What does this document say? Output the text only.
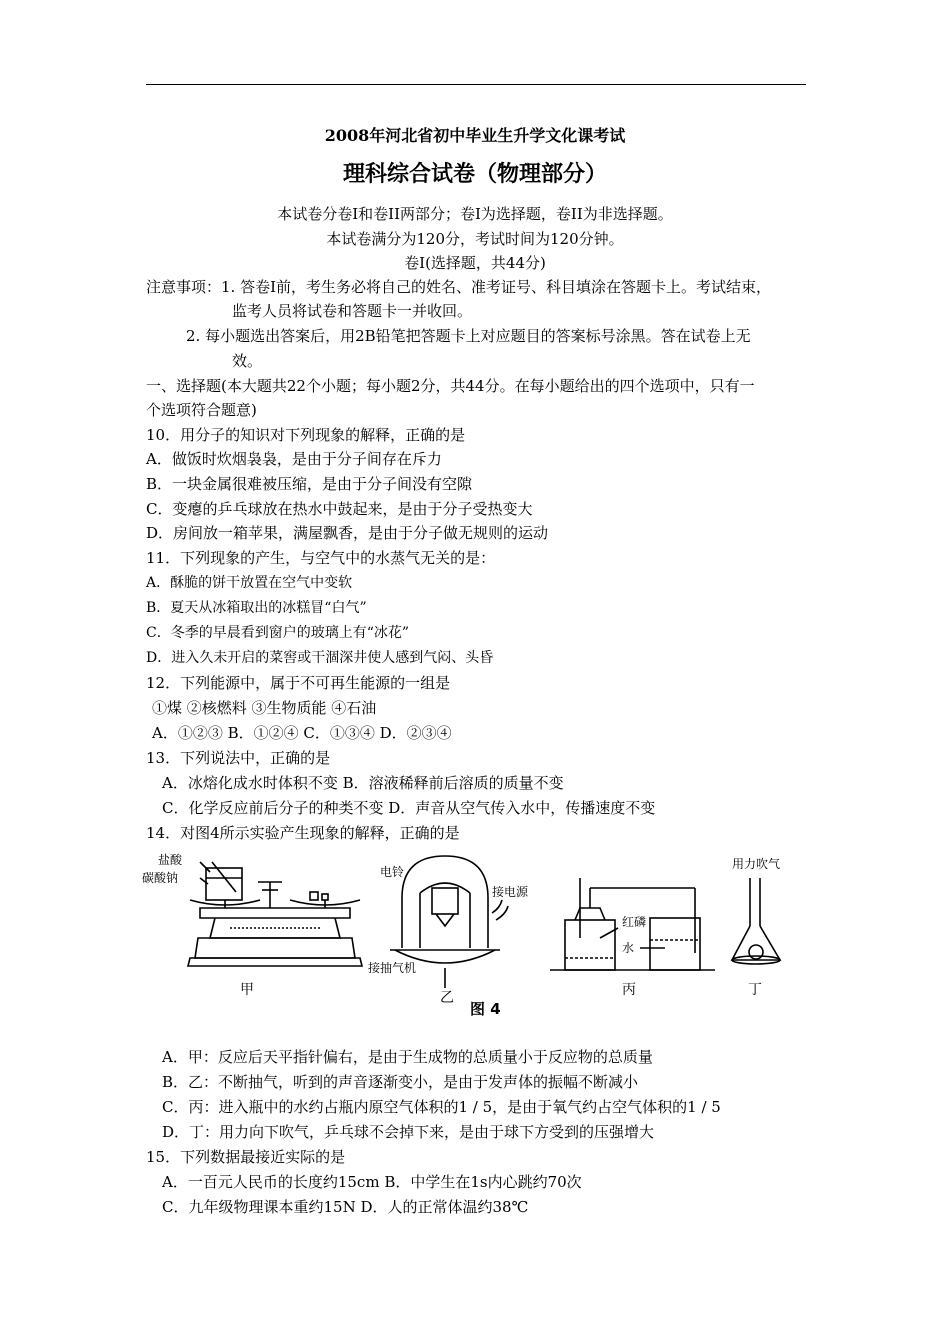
2008年河北省初中毕业生升学文化课考试
理科综合试卷（物理部分）
本试卷分卷I和卷II两部分；卷I为选择题，卷II为非选择题。
本试卷满分为120分，考试时间为120分钟。
卷I(选择题，共44分)
注意事项：1. 答卷I前，考生务必将自己的姓名、准考证号、科目填涂在答题卡上。考试结束，
监考人员将试卷和答题卡一并收回。
2. 每小题选出答案后，用2B铅笔把答题卡上对应题目的答案标号涂黑。答在试卷上无
效。
一、选择题(本大题共22个小题；每小题2分，共44分。在每小题给出的四个选项中，只有一
个选项符合题意)
10．用分子的知识对下列现象的解释，正确的是
A．做饭时炊烟袅袅，是由于分子间存在斥力
B．一块金属很难被压缩，是由于分子间没有空隙
C．变瘪的乒乓球放在热水中鼓起来，是由于分子受热变大
D．房间放一箱苹果，满屋飘香，是由于分子做无规则的运动
11．下列现象的产生，与空气中的水蒸气无关的是：
A．酥脆的饼干放置在空气中变软
B．夏天从冰箱取出的冰糕冒“白气”
C．冬季的早晨看到窗户的玻璃上有“冰花”
D．进入久未开启的菜窖或干涸深井使人感到气闷、头昏
12．下列能源中，属于不可再生能源的一组是
①煤 ②核燃料 ③生物质能 ④石油
A．①②③ B．①②④ C．①③④ D．②③④
13．下列说法中，正确的是
A．冰熔化成水时体积不变 B．溶液稀释前后溶质的质量不变
C．化学反应前后分子的种类不变 D．声音从空气传入水中，传播速度不变
14．对图4所示实验产生现象的解释，正确的是
盐酸
碳酸钠
甲
电铃
接电源
接抽气机
乙
红磷
水
丙
用力吹气
丁
图 4
A．甲：反应后天平指针偏右，是由于生成物的总质量小于反应物的总质量
B．乙：不断抽气，听到的声音逐渐变小，是由于发声体的振幅不断减小
C．丙：进入瓶中的水约占瓶内原空气体积的1 / 5，是由于氧气约占空气体积的1 / 5
D．丁：用力向下吹气，乒乓球不会掉下来，是由于球下方受到的压强增大
15．下列数据最接近实际的是
A．一百元人民币的长度约15cm B．中学生在1s内心跳约70次
C．九年级物理课本重约15N D．人的正常体温约38℃
